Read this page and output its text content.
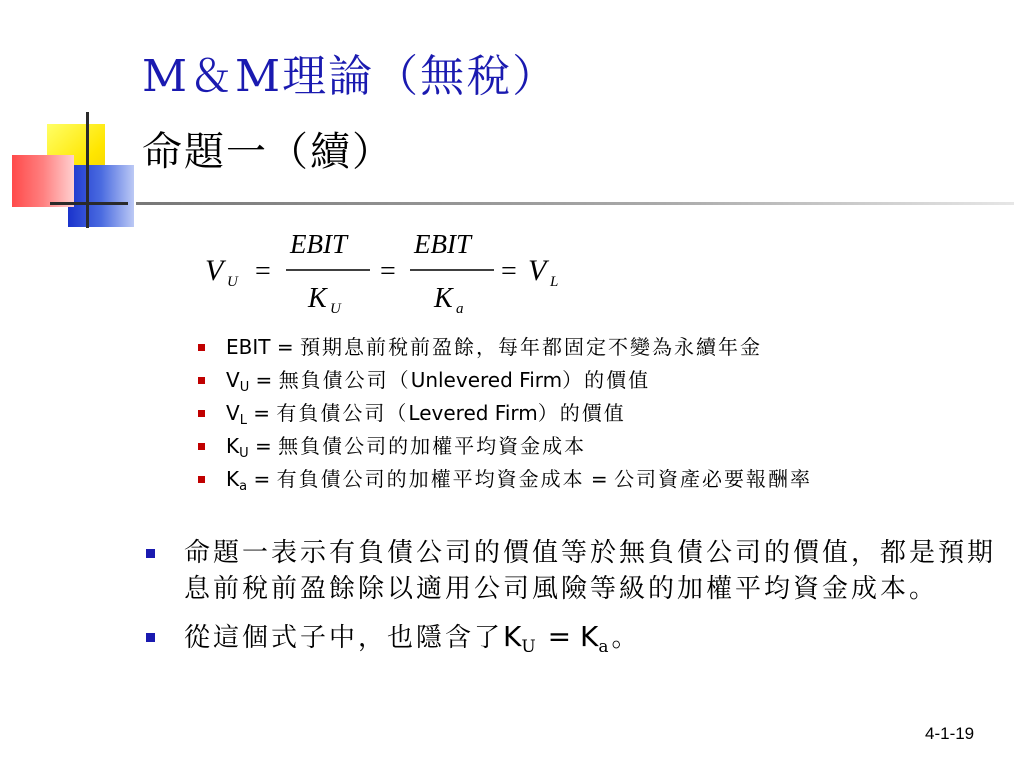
M＆M理論（無稅）
命題一（續）
V U =
EBIT
K U
=
EBIT
K a
= V L
EBIT = 預期息前稅前盈餘，每年都固定不變為永續年金
$V_U$ = 無負債公司（Unlevered Firm）的價值
$V_L$ = 有負債公司（Levered Firm）的價值
$K_U$ = 無負債公司的加權平均資金成本
$K_a$ = 有負債公司的加權平均資金成本 = 公司資產必要報酬率
命題一表示有負債公司的價值等於無負債公司的價值，都是預期息前稅前盈餘除以適用公司風險等級的加權平均資金成本。
從這個式子中，也隱含了$K_U = K_a$。
4-1-19
